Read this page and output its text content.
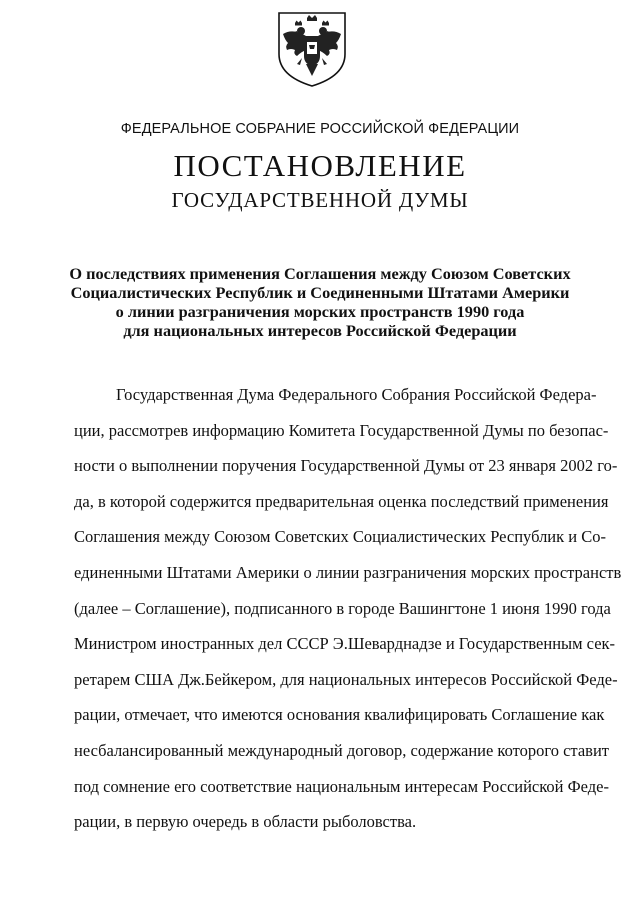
ФЕДЕРАЛЬНОЕ СОБРАНИЕ РОССИЙСКОЙ ФЕДЕРАЦИИ
ПОСТАНОВЛЕНИЕ
ГОСУДАРСТВЕННОЙ ДУМЫ
О последствиях применения Соглашения между Союзом Советских
Социалистических Республик и Соединенными Штатами Америки
о линии разграничения морских пространств 1990 года
для национальных интересов Российской Федерации
Государственная Дума Федерального Собрания Российской Федера-
ции, рассмотрев информацию Комитета Государственной Думы по безопас-
ности о выполнении поручения Государственной Думы от 23 января 2002 го-
да, в которой содержится предварительная оценка последствий применения
Соглашения между Союзом Советских Социалистических Республик и Со-
единенными Штатами Америки о линии разграничения морских пространств
(далее – Соглашение), подписанного в городе Вашингтоне 1 июня 1990 года
Министром иностранных дел СССР Э.Шеварднадзе и Государственным сек-
ретарем США Дж.Бейкером, для национальных интересов Российской Феде-
рации, отмечает, что имеются основания квалифицировать Соглашение как
несбалансированный международный договор, содержание которого ставит
под сомнение его соответствие национальным интересам Российской Феде-
рации, в первую очередь в области рыболовства.
